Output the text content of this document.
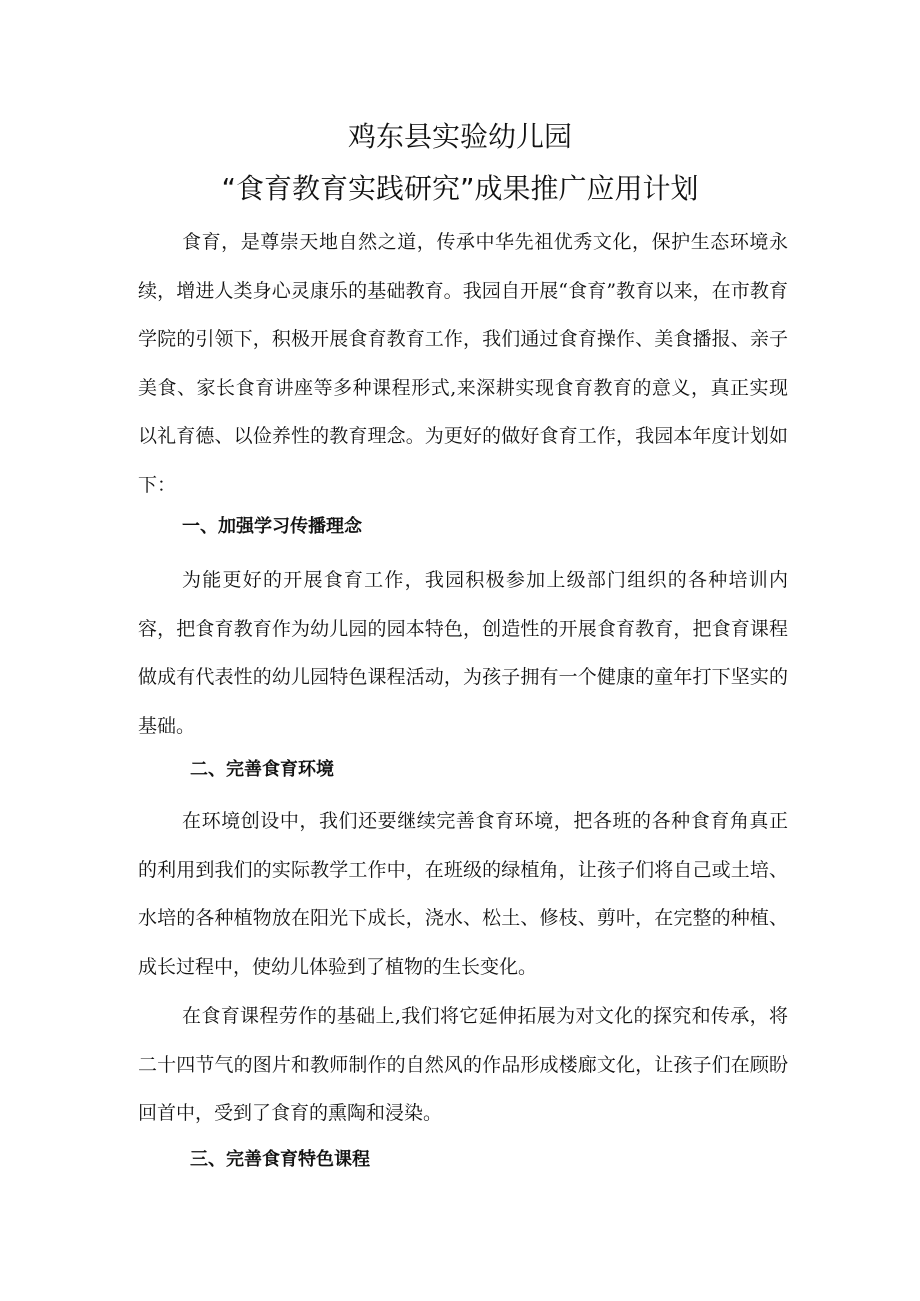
鸡东县实验幼儿园
“食育教育实践研究”成果推广应用计划

食育，是尊崇天地自然之道，传承中华先祖优秀文化，保护生态环境永续，增进人类身心灵康乐的基础教育。我园自开展“食育”教育以来，在市教育学院的引领下，积极开展食育教育工作，我们通过食育操作、美食播报、亲子美食、家长食育讲座等多种课程形式,来深耕实现食育教育的意义，真正实现以礼育德、以俭养性的教育理念。为更好的做好食育工作，我园本年度计划如下：

一、加强学习传播理念

为能更好的开展食育工作，我园积极参加上级部门组织的各种培训内容，把食育教育作为幼儿园的园本特色，创造性的开展食育教育，把食育课程做成有代表性的幼儿园特色课程活动，为孩子拥有一个健康的童年打下坚实的基础。

二、完善食育环境

在环境创设中，我们还要继续完善食育环境，把各班的各种食育角真正的利用到我们的实际教学工作中，在班级的绿植角，让孩子们将自己或土培、水培的各种植物放在阳光下成长，浇水、松土、修枝、剪叶，在完整的种植、成长过程中，使幼儿体验到了植物的生长变化。

在食育课程劳作的基础上,我们将它延伸拓展为对文化的探究和传承，将二十四节气的图片和教师制作的自然风的作品形成楼廊文化，让孩子们在顾盼回首中，受到了食育的熏陶和浸染。

三、完善食育特色课程
